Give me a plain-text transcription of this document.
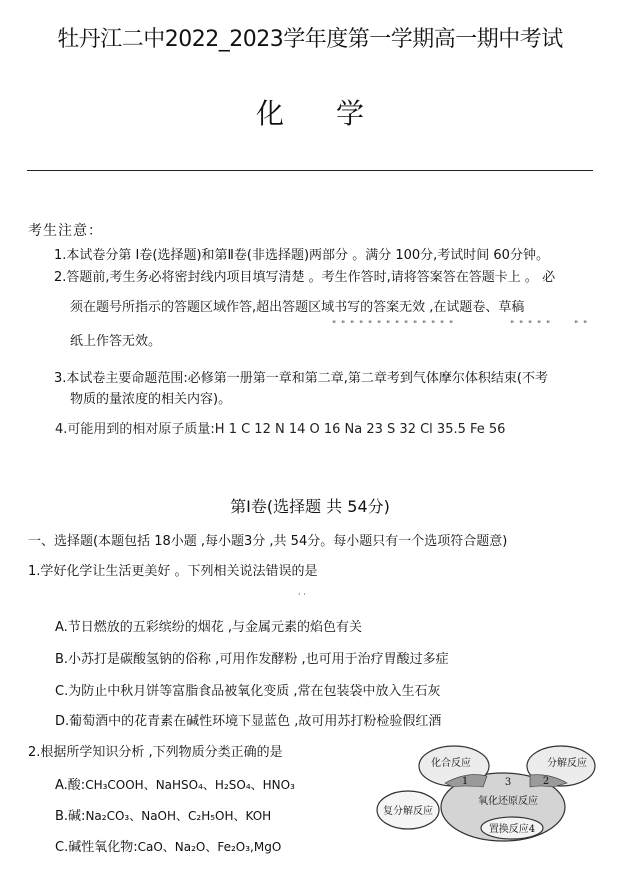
牡丹江二中2022_2023学年度第一学期高一期中考试
化学
考生注意：
1.本试卷分第 I卷(选择题)和第Ⅱ卷(非选择题)两部分 。满分 100分,考试时间 60分钟。
2.答题前,考生务必将密封线内项目填写清楚 。考生作答时,请将答案答在答题卡上 。 必
须在题号所指示的答题区域作答,超出答题区域书写的答案无效 ,在试题卷、草稿
" " " " " " " " " " " " " "	" " " " "	" "
纸上作答无效。
3.本试卷主要命题范围:必修第一册第一章和第二章,第二章考到气体摩尔体积结束(不考
物质的量浓度的相关内容)。
4.可能用到的相对原子质量:H 1 C 12 N 14 O 16 Na 23 S 32 Cl 35.5 Fe 56
第Ⅰ卷(选择题 共 54分)
一、选择题(本题包括 18小题 ,每小题3分 ,共 54分。每小题只有一个选项符合题意)
1.学好化学让生活更美好 。下列相关说法错误的是
· ·
A.节日燃放的五彩缤纷的烟花 ,与金属元素的焰色有关
B.小苏打是碳酸氢钠的俗称 ,可用作发酵粉 ,也可用于治疗胃酸过多症
C.为防止中秋月饼等富脂食品被氧化变质 ,常在包装袋中放入生石灰
D.葡萄酒中的花青素在碱性环境下显蓝色 ,故可用苏打粉检验假红酒
2.根据所学知识分析 ,下列物质分类正确的是
A.酸:CH₃COOH、NaHSO₄、H₂SO₄、HNO₃
B.碱:Na₂CO₃、NaOH、C₂H₅OH、KOH
C.碱性氧化物:CaO、Na₂O、Fe₂O₃,MgO
化合反应	分解反应
复分解反应
氧化还原反应
置换反应4
1	2
3
